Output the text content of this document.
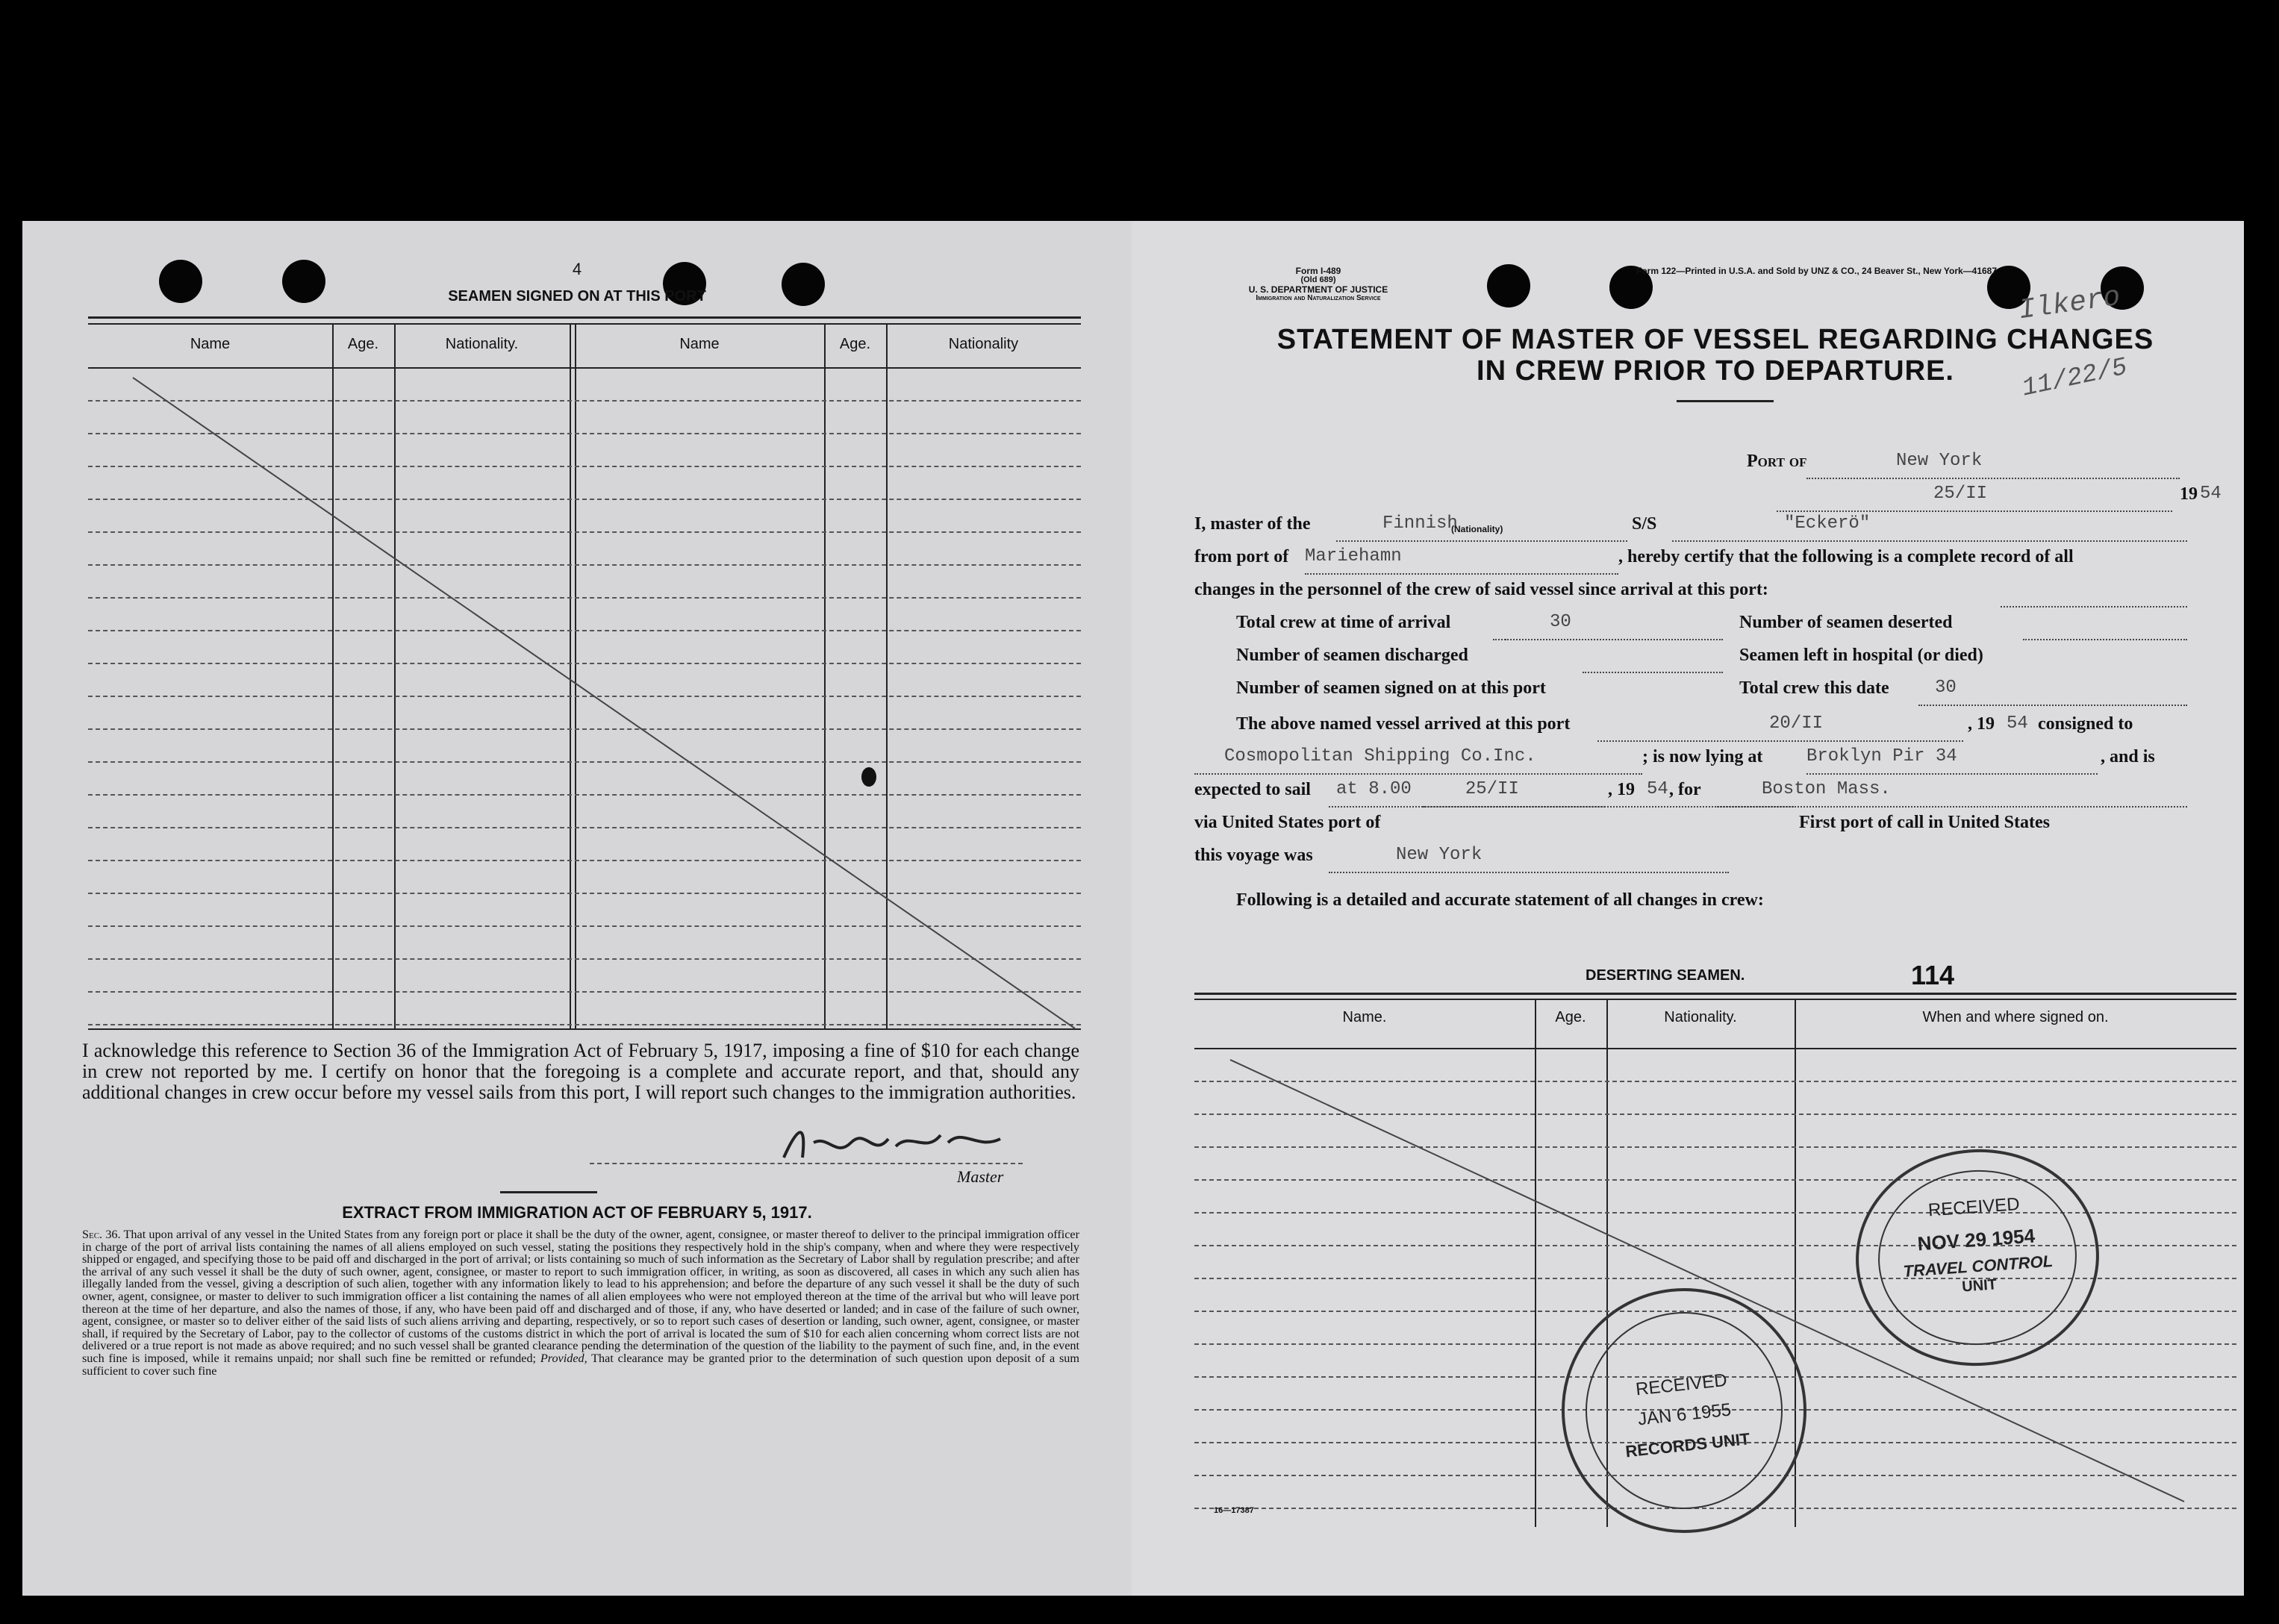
4
SEAMEN SIGNED ON AT THIS PORT
Name	Age.	Nationality.	Name	Age.	Nationality
I acknowledge this reference to Section 36 of the Immigration Act of February 5, 1917, imposing a fine of $10 for each change in crew not reported by me. I certify on honor that the foregoing is a complete and accurate report, and that, should any additional changes in crew occur before my vessel sails from this port, I will report such changes to the immigration authorities.
Master
EXTRACT FROM IMMIGRATION ACT OF FEBRUARY 5, 1917.
Sec. 36. That upon arrival of any vessel in the United States from any foreign port or place it shall be the duty of the owner, agent, consignee, or master thereof to deliver to the principal immigration officer in charge of the port of arrival lists containing the names of all aliens employed on such vessel, stating the positions they respectively hold in the ship's company, when and where they were respectively shipped or engaged, and specifying those to be paid off and discharged in the port of arrival; or lists containing so much of such information as the Secretary of Labor shall by regulation prescribe; and after the arrival of any such vessel it shall be the duty of such owner, agent, consignee, or master to report to such immigration officer, in writing, as soon as discovered, all cases in which any such alien has illegally landed from the vessel, giving a description of such alien, together with any information likely to lead to his apprehension; and before the departure of any such vessel it shall be the duty of such owner, agent, consignee, or master to deliver to such immigration officer a list containing the names of all alien employees who were not employed thereon at the time of the arrival but who will leave port thereon at the time of her departure, and also the names of those, if any, who have been paid off and discharged and of those, if any, who have deserted or landed; and in case of the failure of such owner, agent, consignee, or master so to deliver either of the said lists of such aliens arriving and departing, respectively, or so to report such cases of desertion or landing, such owner, agent, consignee, or master shall, if required by the Secretary of Labor, pay to the collector of customs of the customs district in which the port of arrival is located the sum of $10 for each alien concerning whom correct lists are not delivered or a true report is not made as above required; and no such vessel shall be granted clearance pending the determination of the question of the liability to the payment of such fine, and, in the event such fine is imposed, while it remains unpaid; nor shall such fine be remitted or refunded; Provided, That clearance may be granted prior to the determination of such question upon deposit of a sum sufficient to cover such fine
Form I-489
(Old 689)
U. S. DEPARTMENT OF JUSTICE
Immigration and Naturalization Service
Form 122—Printed in U.S.A. and Sold by UNZ & CO., 24 Beaver St., New York—41687
Ilkero
11/22/5
STATEMENT OF MASTER OF VESSEL REGARDING CHANGES
IN CREW PRIOR TO DEPARTURE.
Port of	New York
25/II	19 54
I, master of the	Finnish	S/S	"Eckerö"
(Nationality)
from port of Mariehamn	, hereby certify that the following is a complete record of all
changes in the personnel of the crew of said vessel since arrival at this port:
Total crew at time of arrival	30	Number of seamen deserted
Number of seamen discharged	Seamen left in hospital (or died)
Number of seamen signed on at this port	Total crew this date	30
The above named vessel arrived at this port	20/II	, 19 54 consigned to
Cosmopolitan Shipping Co.Inc.	; is now lying at Broklyn Pir 34	, and is
expected to sail	at 8.00     25/II	, 19 54 , for	Boston Mass.
via United States port of	First port of call in United States
this voyage was	New York
Following is a detailed and accurate statement of all changes in crew:
DESERTING SEAMEN.	114
Name.	Age.	Nationality.	When and where signed on.
RECEIVED
NOV 29 1954
TRAVEL CONTROL
UNIT
RECEIVED
JAN 6 1955
RECORDS UNIT
16—17387
